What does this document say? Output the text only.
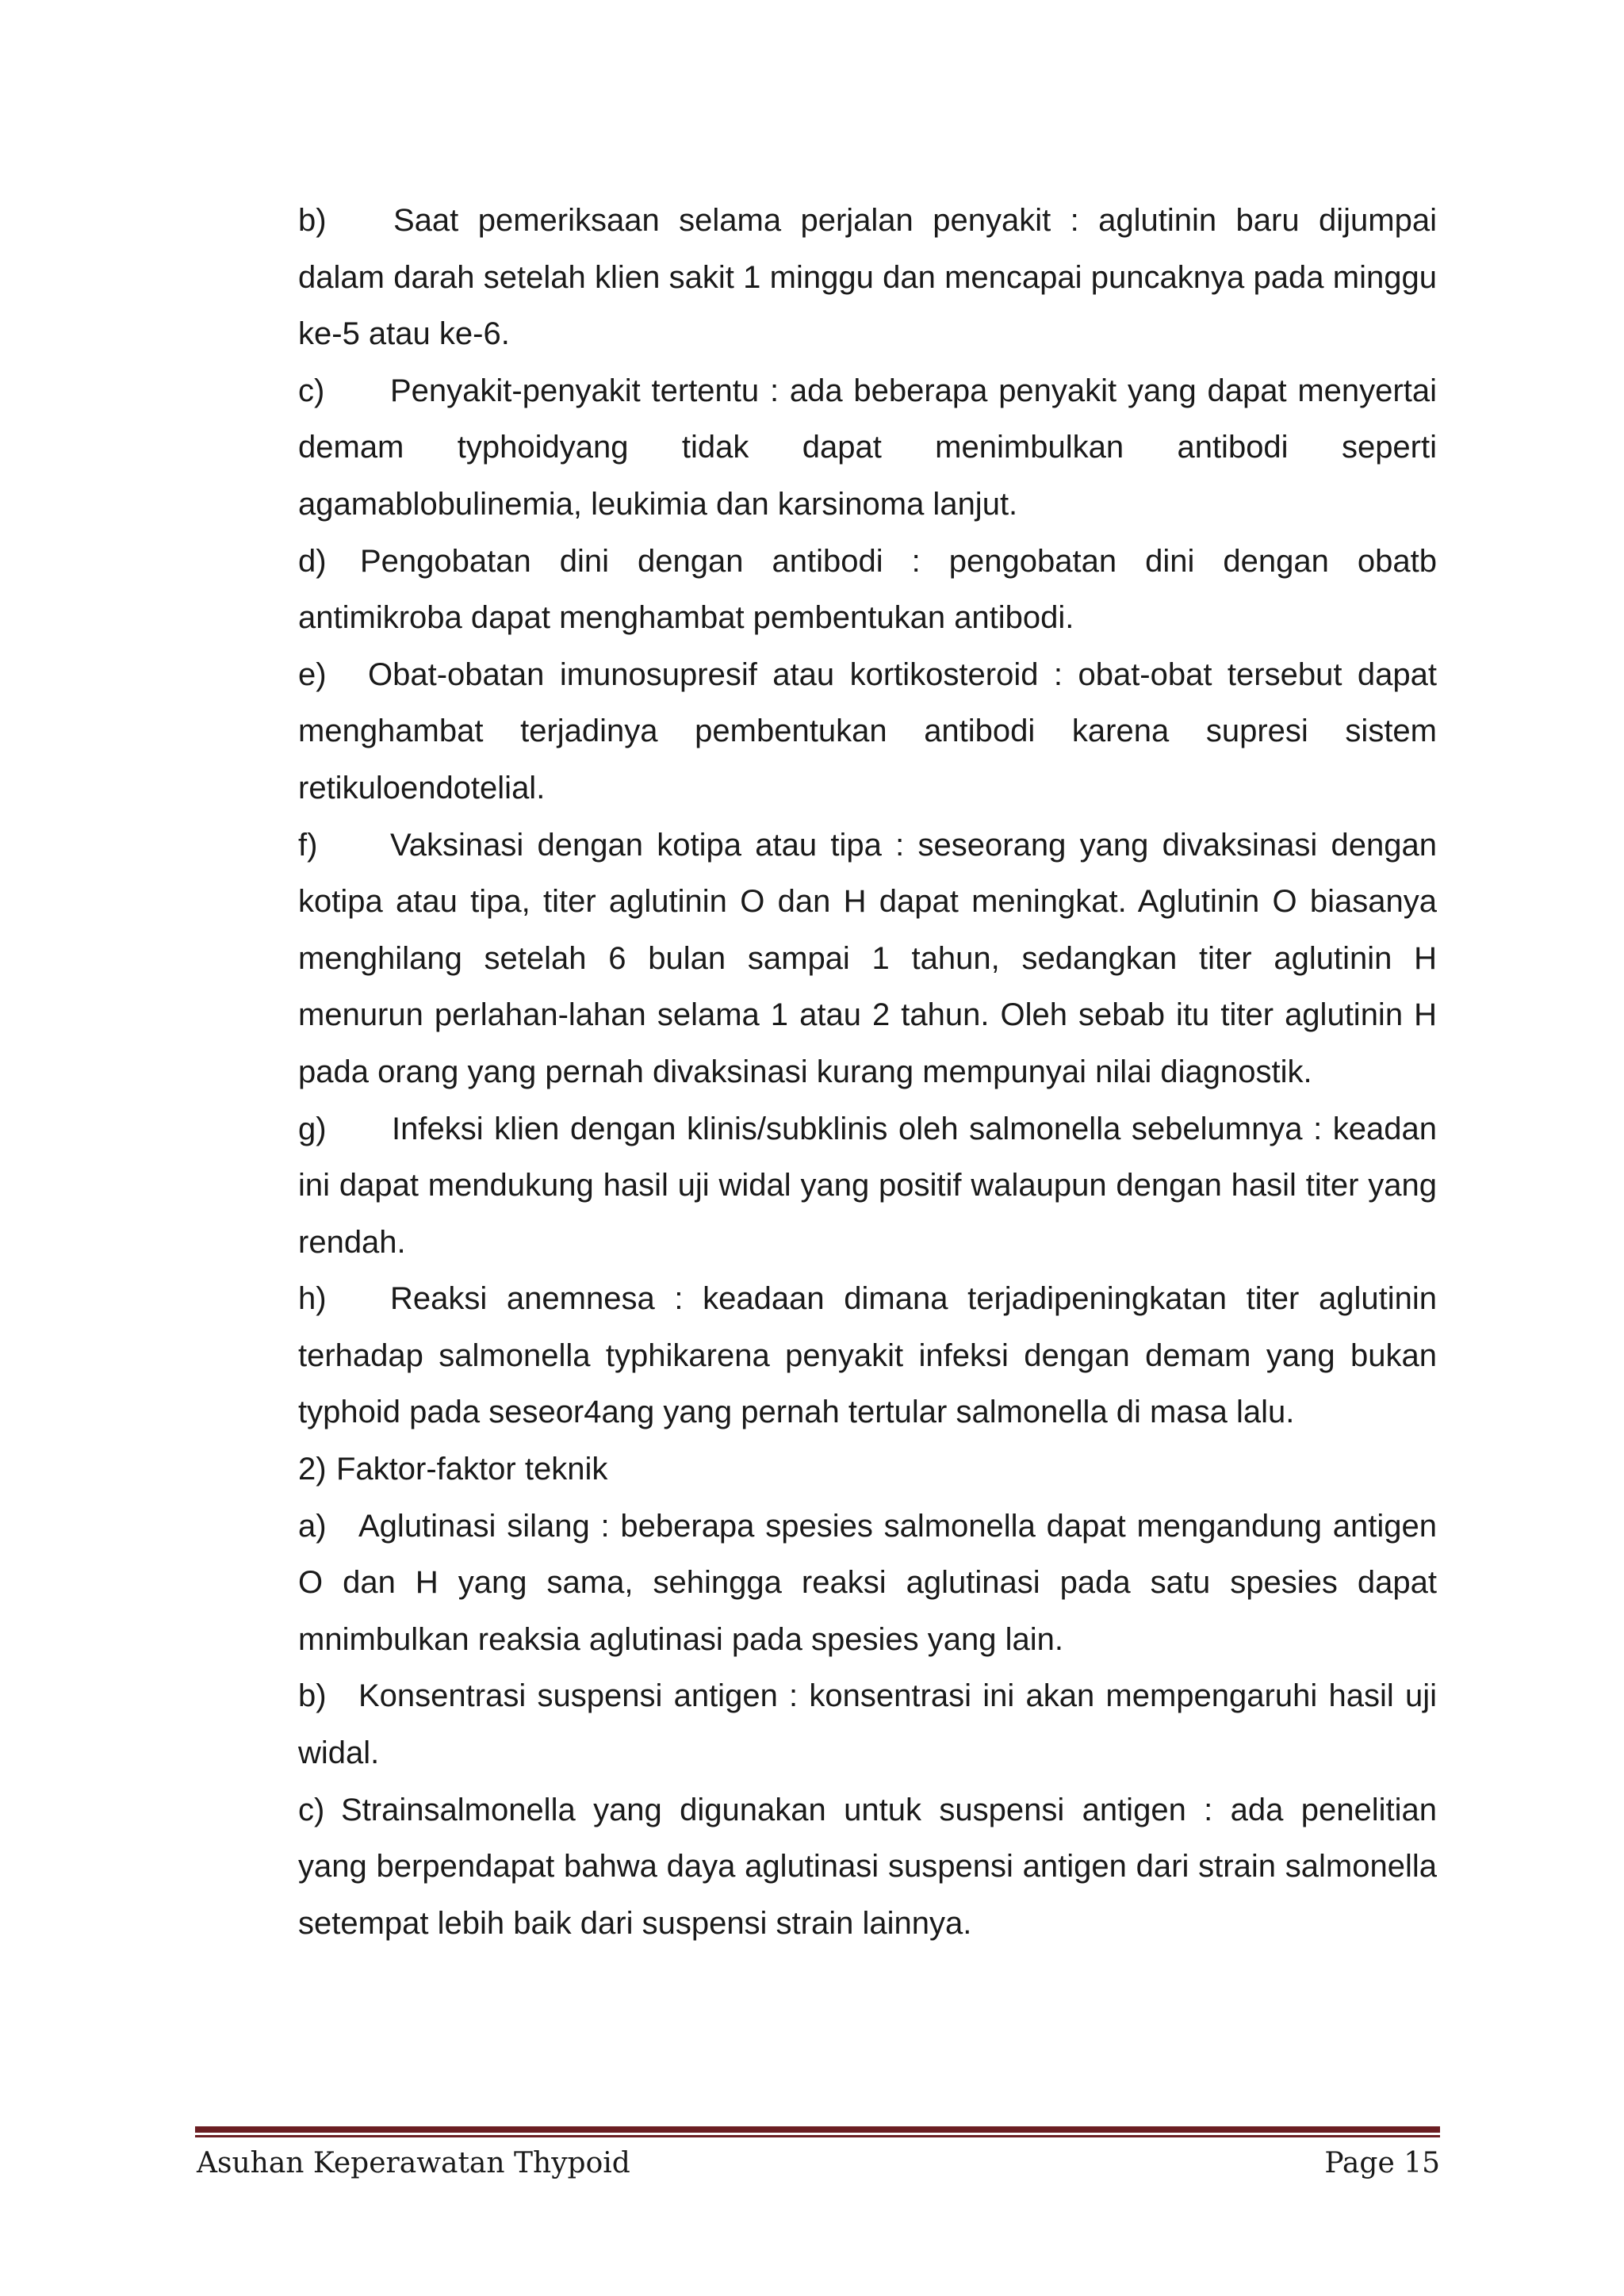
b) Saat pemeriksaan selama perjalan penyakit : aglutinin baru dijumpai dalam darah setelah klien sakit 1 minggu dan mencapai puncaknya pada minggu ke-5 atau ke-6.

c) Penyakit-penyakit tertentu : ada beberapa penyakit yang dapat menyertai demam typhoidyang tidak dapat menimbulkan antibodi seperti agamablobulinemia, leukimia dan karsinoma lanjut.

d) Pengobatan dini dengan antibodi : pengobatan dini dengan obatb antimikroba dapat menghambat pembentukan antibodi.

e) Obat-obatan imunosupresif atau kortikosteroid : obat-obat tersebut dapat menghambat terjadinya pembentukan antibodi karena supresi sistem retikuloendotelial.

f) Vaksinasi dengan kotipa atau tipa : seseorang yang divaksinasi dengan kotipa atau tipa, titer aglutinin O dan H dapat meningkat. Aglutinin O biasanya menghilang setelah 6 bulan sampai 1 tahun, sedangkan titer aglutinin H menurun perlahan-lahan selama 1 atau 2 tahun. Oleh sebab itu titer aglutinin H pada orang yang pernah divaksinasi kurang mempunyai nilai diagnostik.

g) Infeksi klien dengan klinis/subklinis oleh salmonella sebelumnya : keadan ini dapat mendukung hasil uji widal yang positif walaupun dengan hasil titer yang rendah.

h) Reaksi anemnesa : keadaan dimana terjadipeningkatan titer aglutinin terhadap salmonella typhikarena penyakit infeksi dengan demam yang bukan typhoid pada seseor4ang yang pernah tertular salmonella di masa lalu.

2) Faktor-faktor teknik

a) Aglutinasi silang : beberapa spesies salmonella dapat mengandung antigen O dan H yang sama, sehingga reaksi aglutinasi pada satu spesies dapat mnimbulkan reaksia aglutinasi pada spesies yang lain.

b) Konsentrasi suspensi antigen : konsentrasi ini akan mempengaruhi hasil uji widal.

c) Strainsalmonella yang digunakan untuk suspensi antigen : ada penelitian yang berpendapat bahwa daya aglutinasi suspensi antigen dari strain salmonella setempat lebih baik dari suspensi strain lainnya.

Asuhan Keperawatan Thypoid	Page 15
